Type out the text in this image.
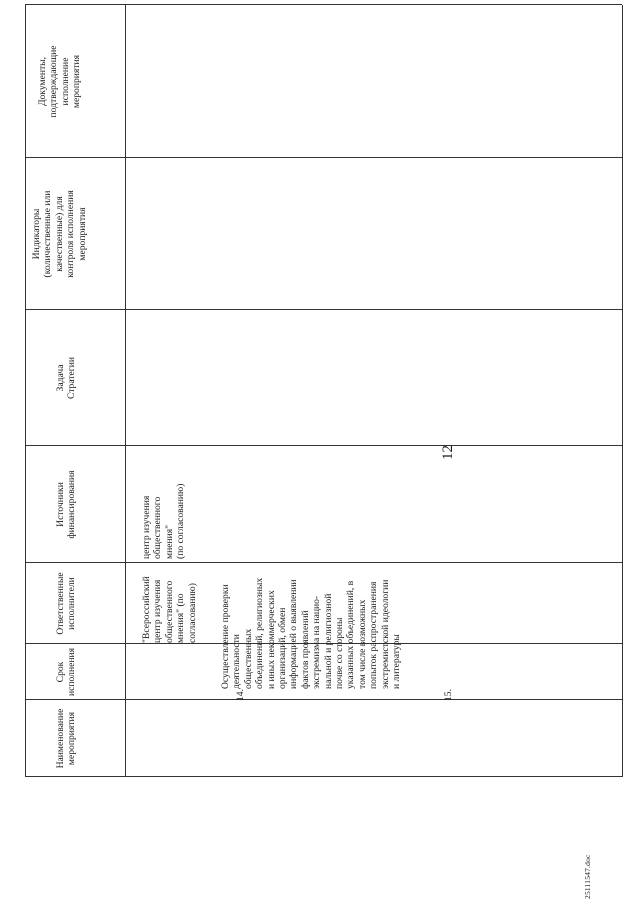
12
25111547.doc
Наименование
мероприятия
Срок
исполнения
Ответственные
исполнители
Источники
финансирования
Задача
Стратегии
Индикаторы
(количественные или
качественные) для
контроля исполнения
мероприятия
Документы,
подтверждающие
исполнение
мероприятия
"Всероссийский
центр изучения
общественного
мнения" (по
согласованию)
центр изучения
общественного
мнения"
(по согласованию)
14.
Осуществление проверки
деятельности
общественных
объединений, религиозных
и иных некоммерческих
организаций, обмен
информацией о выявлении
фактов проявлений
экстремизма на нацио-
нальной и религиозной
почве со стороны
указанных объединений, в
том числе возможных
попыток распространения
экстремистской идеологии
и литературы
15.
